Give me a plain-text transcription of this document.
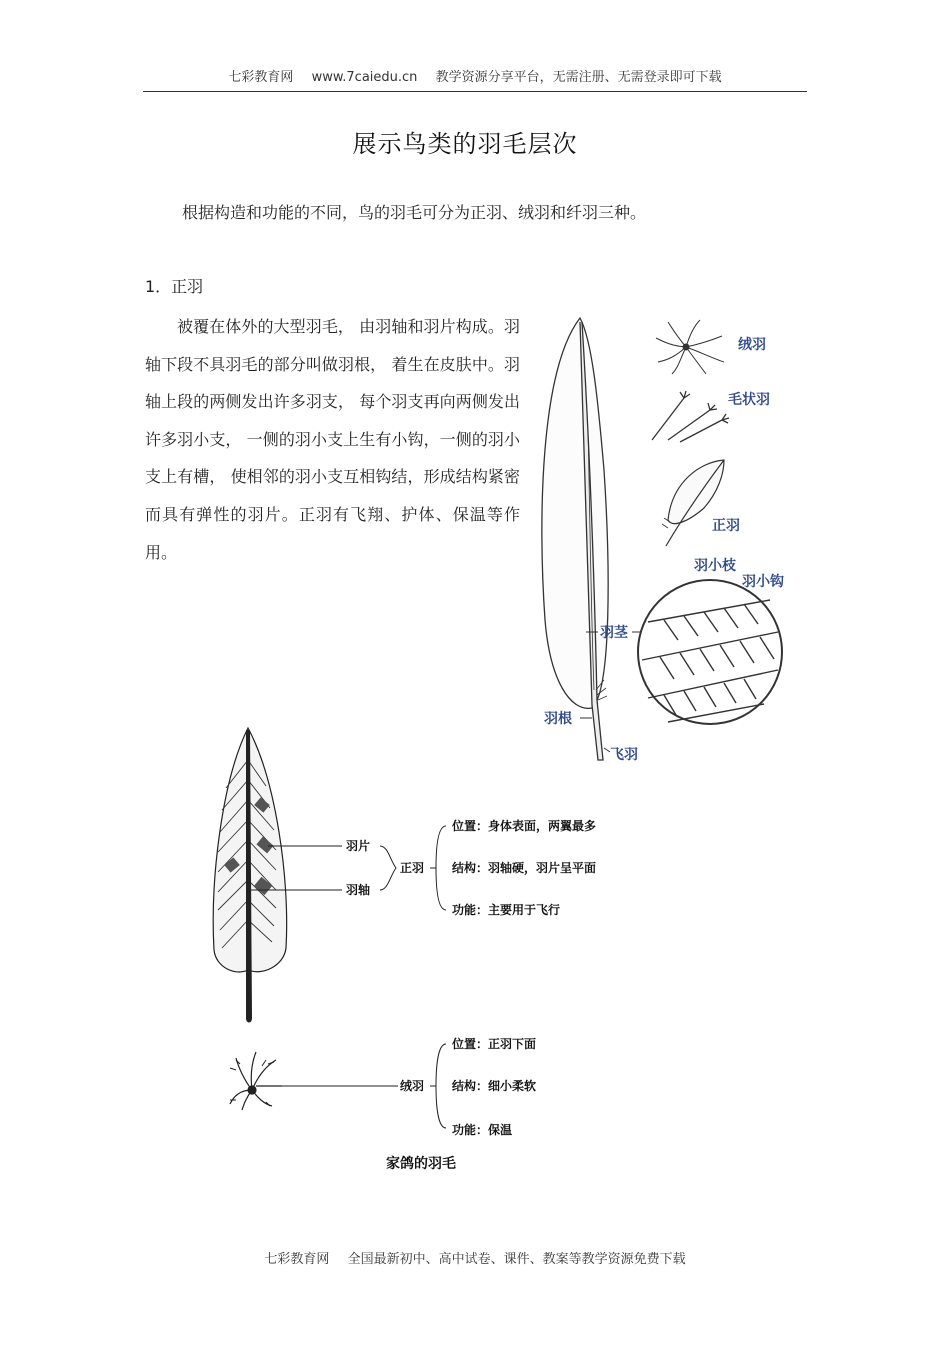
七彩教育网 www.7caiedu.cn 教学资源分享平台，无需注册、无需登录即可下载
展示鸟类的羽毛层次
根据构造和功能的不同，鸟的羽毛可分为正羽、绒羽和纤羽三种。
1．正羽
被覆在体外的大型羽毛， 由羽轴和羽片构成。羽轴下段不具羽毛的部分叫做羽根， 着生在皮肤中。羽轴上段的两侧发出许多羽支， 每个羽支再向两侧发出许多羽小支， 一侧的羽小支上生有小钩，一侧的羽小支上有槽， 使相邻的羽小支互相钩结，形成结构紧密而具有弹性的羽片。正羽有飞翔、护体、保温等作用。
绒羽
毛状羽
正羽
羽小枝
羽小钩
羽茎
羽根
飞羽
羽片
羽轴
正羽
位置：身体表面，两翼最多
结构：羽轴硬，羽片呈平面
功能：主要用于飞行
绒羽
位置：正羽下面
结构：细小柔软
功能：保温
家鸽的羽毛
七彩教育网 全国最新初中、高中试卷、课件、教案等教学资源免费下载
